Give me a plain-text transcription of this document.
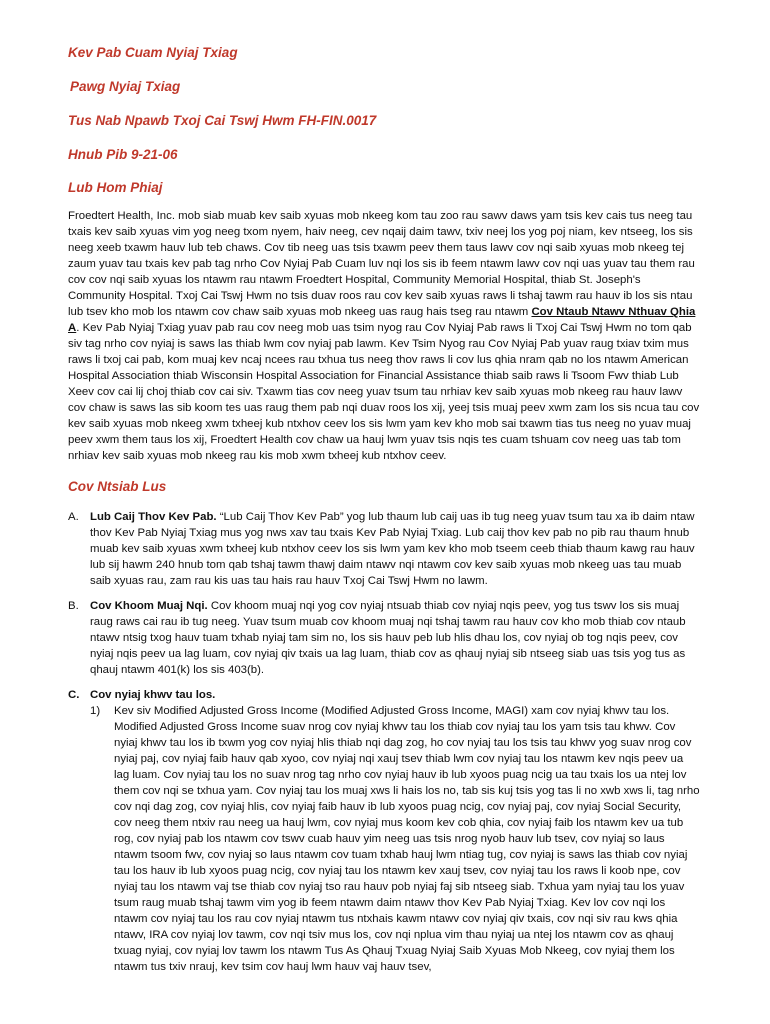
Kev Pab Cuam Nyiaj Txiag

Pawg Nyiaj Txiag

Tus Nab Npawb Txoj Cai Tswj Hwm FH-FIN.0017

Hnub Pib 9-21-06

Lub Hom Phiaj

Froedtert Health, Inc. mob siab muab kev saib xyuas mob nkeeg kom tau zoo rau sawv daws yam tsis kev cais tus neeg tau txais kev saib xyuas vim yog neeg txom nyem, haiv neeg, cev nqaij daim tawv, txiv neej los yog poj niam, kev ntseeg, los sis neeg xeeb txawm hauv lub teb chaws. Cov tib neeg uas tsis txawm peev them taus lawv cov nqi saib xyuas mob nkeeg tej zaum yuav tau txais kev pab tag nrho Cov Nyiaj Pab Cuam luv nqi los sis ib feem ntawm lawv cov nqi uas yuav tau them rau cov cov nqi saib xyuas los ntawm rau ntawm Froedtert Hospital, Community Memorial Hospital, thiab St. Joseph's Community Hospital. Txoj Cai Tswj Hwm no tsis duav roos rau cov kev saib xyuas raws li tshaj tawm rau hauv ib los sis ntau lub tsev kho mob los ntawm cov chaw saib xyuas mob nkeeg uas raug hais tseg rau ntawm Cov Ntaub Ntawv Nthuav Qhia A. Kev Pab Nyiaj Txiag yuav pab rau cov neeg mob uas tsim nyog rau Cov Nyiaj Pab raws li Txoj Cai Tswj Hwm no tom qab siv tag nrho cov nyiaj is saws las thiab lwm cov nyiaj pab lawm. Kev Tsim Nyog rau Cov Nyiaj Pab yuav raug txiav txim mus raws li txoj cai pab, kom muaj kev ncaj ncees rau txhua tus neeg thov raws li cov lus qhia nram qab no los ntawm American Hospital Association thiab Wisconsin Hospital Association for Financial Assistance thiab saib raws li Tsoom Fwv thiab Lub Xeev cov cai lij choj thiab cov cai siv. Txawm tias cov neeg yuav tsum tau nrhiav kev saib xyuas mob nkeeg rau hauv lawv cov chaw is saws las sib koom tes uas raug them pab nqi duav roos los xij, yeej tsis muaj peev xwm zam los sis ncua tau cov kev saib xyuas mob nkeeg xwm txheej kub ntxhov ceev los sis lwm yam kev kho mob sai txawm tias tus neeg no yuav muaj peev xwm them taus los xij, Froedtert Health cov chaw ua hauj lwm yuav tsis nqis tes cuam tshuam cov neeg uas tab tom nrhiav kev saib xyuas mob nkeeg rau kis mob xwm txheej kub ntxhov ceev.

Cov Ntsiab Lus

A. Lub Caij Thov Kev Pab. “Lub Caij Thov Kev Pab” yog lub thaum lub caij uas ib tug neeg yuav tsum tau xa ib daim ntaw thov Kev Pab Nyiaj Txiag mus yog nws xav tau txais Kev Pab Nyiaj Txiag. Lub caij thov kev pab no pib rau thaum hnub muab kev saib xyuas xwm txheej kub ntxhov ceev los sis lwm yam kev kho mob tseem ceeb thiab thaum kawg rau hauv lub sij hawm 240 hnub tom qab tshaj tawm thawj daim ntawv nqi ntawm cov kev saib xyuas mob nkeeg uas tau muab saib xyuas rau, zam rau kis uas tau hais rau hauv Txoj Cai Tswj Hwm no lawm.
B. Cov Khoom Muaj Nqi. Cov khoom muaj nqi yog cov nyiaj ntsuab thiab cov nyiaj nqis peev, yog tus tswv los sis muaj raug raws cai rau ib tug neeg. Yuav tsum muab cov khoom muaj nqi tshaj tawm rau hauv cov kho mob thiab cov ntaub ntawv ntsig txog hauv tuam txhab nyiaj tam sim no, los sis hauv peb lub hlis dhau los, cov nyiaj ob tog nqis peev, cov nyiaj nqis peev ua lag luam, cov nyiaj qiv txais ua lag luam, thiab cov as qhauj nyiaj sib ntseeg siab uas tsis yog tus as qhauj ntawm 401(k) los sis 403(b).
C. Cov nyiaj khwv tau los.
1)	Kev siv Modified Adjusted Gross Income (Modified Adjusted Gross Income, MAGI) xam cov nyiaj khwv tau los. Modified Adjusted Gross Income suav nrog cov nyiaj khwv tau los thiab cov nyiaj tau los yam tsis tau khwv. Cov nyiaj khwv tau los ib txwm yog cov nyiaj hlis thiab nqi dag zog, ho cov nyiaj tau los tsis tau khwv yog suav nrog cov nyiaj paj, cov nyiaj faib hauv qab xyoo, cov nyiaj nqi xauj tsev thiab lwm cov nyiaj tau los ntawm kev nqis peev ua lag luam. Cov nyiaj tau los no suav nrog tag nrho cov nyiaj hauv ib lub xyoos puag ncig ua tau txais los ua ntej lov them cov nqi se txhua yam. Cov nyiaj tau los muaj xws li hais los no, tab sis kuj tsis yog tas li no xwb xws li, tag nrho cov nqi dag zog, cov nyiaj hlis, cov nyiaj faib hauv ib lub xyoos puag ncig, cov nyiaj paj, cov nyiaj Social Security, cov neeg them ntxiv rau neeg ua hauj lwm, cov nyiaj mus koom kev cob qhia, cov nyiaj faib los ntawm kev ua tub rog, cov nyiaj pab los ntawm cov tswv cuab hauv yim neeg uas tsis nrog nyob hauv lub tsev, cov nyiaj so laus ntawm tsoom fwv, cov nyiaj so laus ntawm cov tuam txhab hauj lwm ntiag tug, cov nyiaj is saws las thiab cov nyiaj tau los hauv ib lub xyoos puag ncig, cov nyiaj tau los ntawm kev xauj tsev, cov nyiaj tau los raws li koob npe, cov nyiaj tau los ntawm vaj tse thiab cov nyiaj tso rau hauv pob nyiaj faj sib ntseeg siab. Txhua yam nyiaj tau los yuav tsum raug muab tshaj tawm vim yog ib feem ntawm daim ntawv thov Kev Pab Nyiaj Txiag. Kev lov cov nqi los ntawm cov nyiaj tau los rau cov nyiaj ntawm tus ntxhais kawm ntawv cov nyiaj qiv txais, cov nqi siv rau kws qhia ntawv, IRA cov nyiaj lov tawm, cov nqi tsiv mus los, cov nqi nplua vim thau nyiaj ua ntej los ntawm cov as qhauj txuag nyiaj, cov nyiaj lov tawm los ntawm Tus As Qhauj Txuag Nyiaj Saib Xyuas Mob Nkeeg, cov nyiaj them los ntawm tus txiv nrauj, kev tsim cov hauj lwm hauv vaj hauv tsev,
